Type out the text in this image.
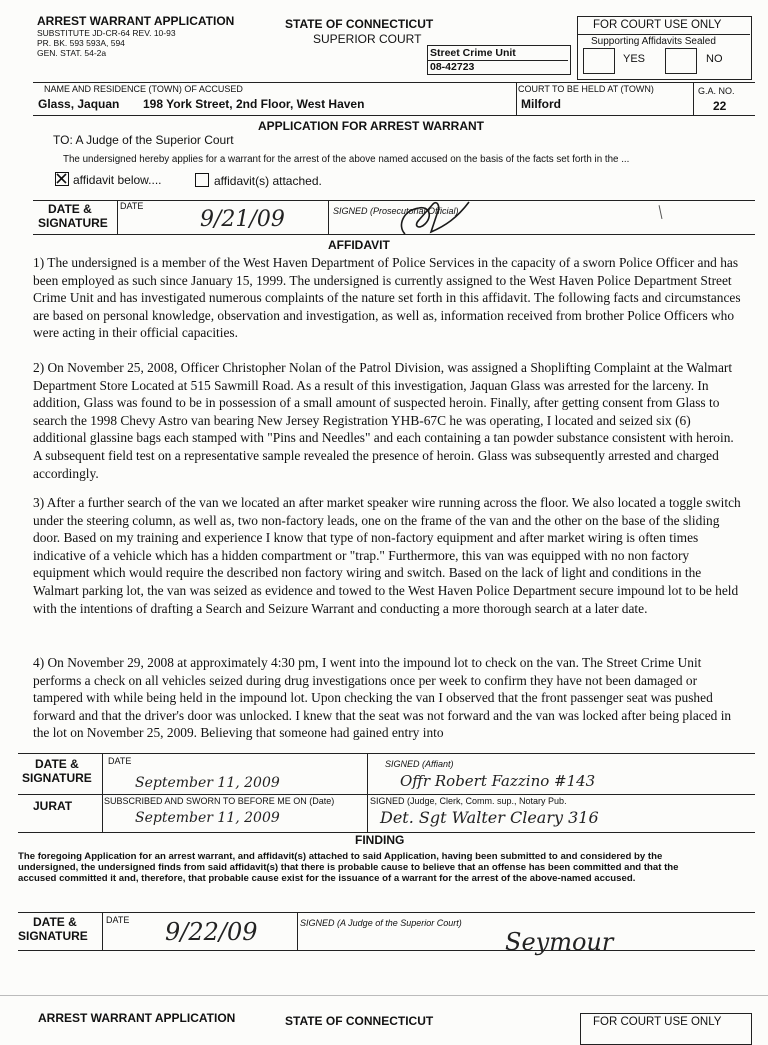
ARREST WARRANT APPLICATION
SUBSTITUTE JD-CR-64 REV. 10-93
PR. BK. 593 593A, 594
GEN. STAT. 54-2a
STATE OF CONNECTICUT
SUPERIOR COURT
Street Crime Unit
08-42723
FOR COURT USE ONLY
Supporting Affidavits Sealed
YES	NO
NAME AND RESIDENCE (TOWN) OF ACCUSED
Glass, Jaquan 198 York Street, 2nd Floor, West Haven
COURT TO BE HELD AT (TOWN)
Milford
G.A. NO.
22
APPLICATION FOR ARREST WARRANT
TO: A Judge of the Superior Court
The undersigned hereby applies for a warrant for the arrest of the above named accused on the basis of the facts set forth in the ...
affidavit below....	affidavit(s) attached.
DATE &
SIGNATURE
DATE
9/21/09	SIGNED (Prosecutorial Official)
AFFIDAVIT

1) The undersigned is a member of the West Haven Department of Police Services in the capacity of a sworn Police Officer and has been employed as such since January 15, 1999. The undersigned is currently assigned to the West Haven Police Department Street Crime Unit and has investigated numerous complaints of the nature set forth in this affidavit. The following facts and circumstances are based on personal knowledge, observation and investigation, as well as, information received from brother Police Officers who were acting in their official capacities.

2) On November 25, 2008, Officer Christopher Nolan of the Patrol Division, was assigned a Shoplifting Complaint at the Walmart Department Store Located at 515 Sawmill Road. As a result of this investigation, Jaquan Glass was arrested for the larceny. In addition, Glass was found to be in possession of a small amount of suspected heroin. Finally, after getting consent from Glass to search the 1998 Chevy Astro van bearing New Jersey Registration YHB-67C he was operating, I located and seized six (6) additional glassine bags each stamped with "Pins and Needles" and each containing a tan powder substance consistent with heroin. A subsequent field test on a representative sample revealed the presence of heroin. Glass was subsequently arrested and charged accordingly.

3) After a further search of the van we located an after market speaker wire running across the floor. We also located a toggle switch under the steering column, as well as, two non-factory leads, one on the frame of the van and the other on the base of the sliding door. Based on my training and experience I know that type of non-factory equipment and after market wiring is often times indicative of a vehicle which has a hidden compartment or "trap." Furthermore, this van was equipped with no non factory equipment which would require the described non factory wiring and switch. Based on the lack of light and conditions in the Walmart parking lot, the van was seized as evidence and towed to the West Haven Police Department secure impound lot to be held with the intentions of drafting a Search and Seizure Warrant and conducting a more thorough search at a later date.

4) On November 29, 2008 at approximately 4:30 pm, I went into the impound lot to check on the van. The Street Crime Unit performs a check on all vehicles seized during drug investigations once per week to confirm they have not been damaged or tampered with while being held in the impound lot. Upon checking the van I observed that the front passenger seat was pushed forward and that the driver's door was unlocked. I knew that the seat was not forward and the van was locked after being placed in the lot on November 25, 2009. Believing that someone had gained entry into

DATE &
SIGNATURE
DATE
September 11, 2009
SIGNED (Affiant)
Offr Robert Fazzino #143
JURAT	SUBSCRIBED AND SWORN TO BEFORE ME ON (Date)
September 11, 2009
SIGNED (Judge, Clerk, Comm. sup., Notary Pub.
Det. Sgt Walter Cleary 316
FINDING
The foregoing Application for an arrest warrant, and affidavit(s) attached to said Application, having been submitted to and considered by the undersigned, the undersigned finds from said affidavit(s) that there is probable cause to believe that an offense has been committed and that the accused committed it and, therefore, that probable cause exist for the issuance of a warrant for the arrest of the above-named accused.
DATE &
SIGNATURE
DATE 9/22/09	SIGNED (A Judge of the Superior Court)
Seymour
ARREST WARRANT APPLICATION	STATE OF CONNECTICUT	FOR COURT USE ONLY
